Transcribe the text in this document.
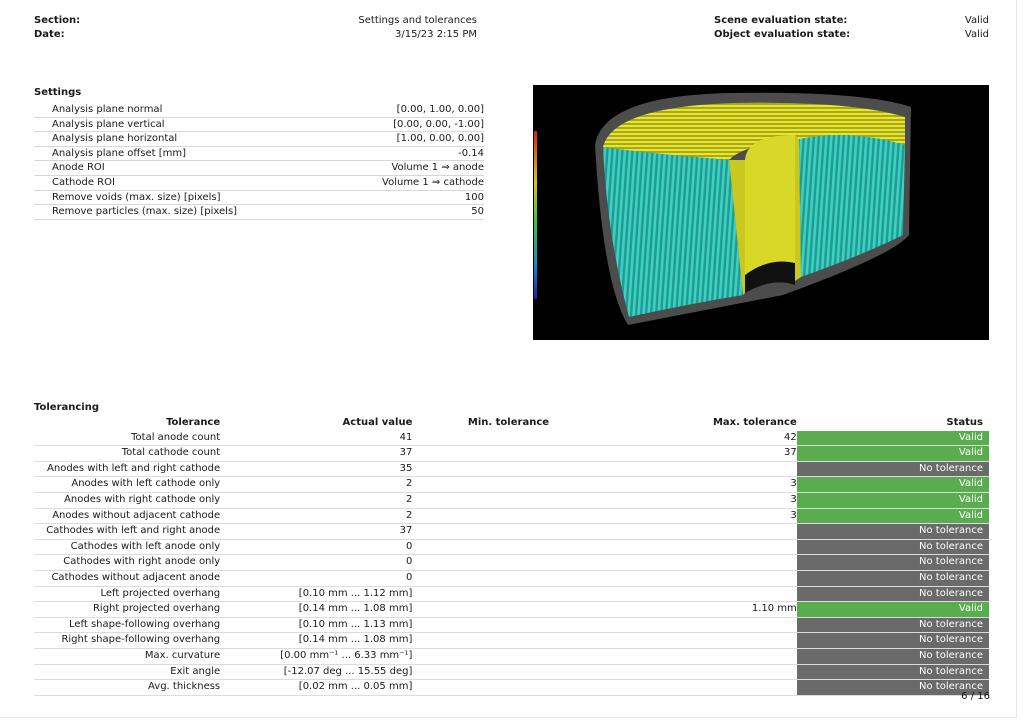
Section:
Date:
Settings and tolerances
3/15/23 2:15 PM
Scene evaluation state:
Object evaluation state:
Valid
Valid
Settings
Analysis plane normal	[0.00, 1.00, 0.00]
Analysis plane vertical	[0.00, 0.00, -1.00]
Analysis plane horizontal	[1.00, 0.00, 0.00]
Analysis plane offset [mm]	-0.14
Anode ROI	Volume 1 ⇒ anode
Cathode ROI	Volume 1 ⇒ cathode
Remove voids (max. size) [pixels]	100
Remove particles (max. size) [pixels]	50
Tolerancing
Tolerance	Actual value	Min. tolerance	Max. tolerance	Status
Total anode count	41		42	Valid
Total cathode count	37		37	Valid
Anodes with left and right cathode	35			No tolerance
Anodes with left cathode only	2		3	Valid
Anodes with right cathode only	2		3	Valid
Anodes without adjacent cathode	2		3	Valid
Cathodes with left and right anode	37			No tolerance
Cathodes with left anode only	0			No tolerance
Cathodes with right anode only	0			No tolerance
Cathodes without adjacent anode	0			No tolerance
Left projected overhang	[0.10 mm ... 1.12 mm]			No tolerance
Right projected overhang	[0.14 mm ... 1.08 mm]		1.10 mm	Valid
Left shape-following overhang	[0.10 mm ... 1.13 mm]			No tolerance
Right shape-following overhang	[0.14 mm ... 1.08 mm]			No tolerance
Max. curvature	[0.00 mm⁻¹ ... 6.33 mm⁻¹]			No tolerance
Exit angle	[-12.07 deg ... 15.55 deg]			No tolerance
Avg. thickness	[0.02 mm ... 0.05 mm]			No tolerance
6 / 16
